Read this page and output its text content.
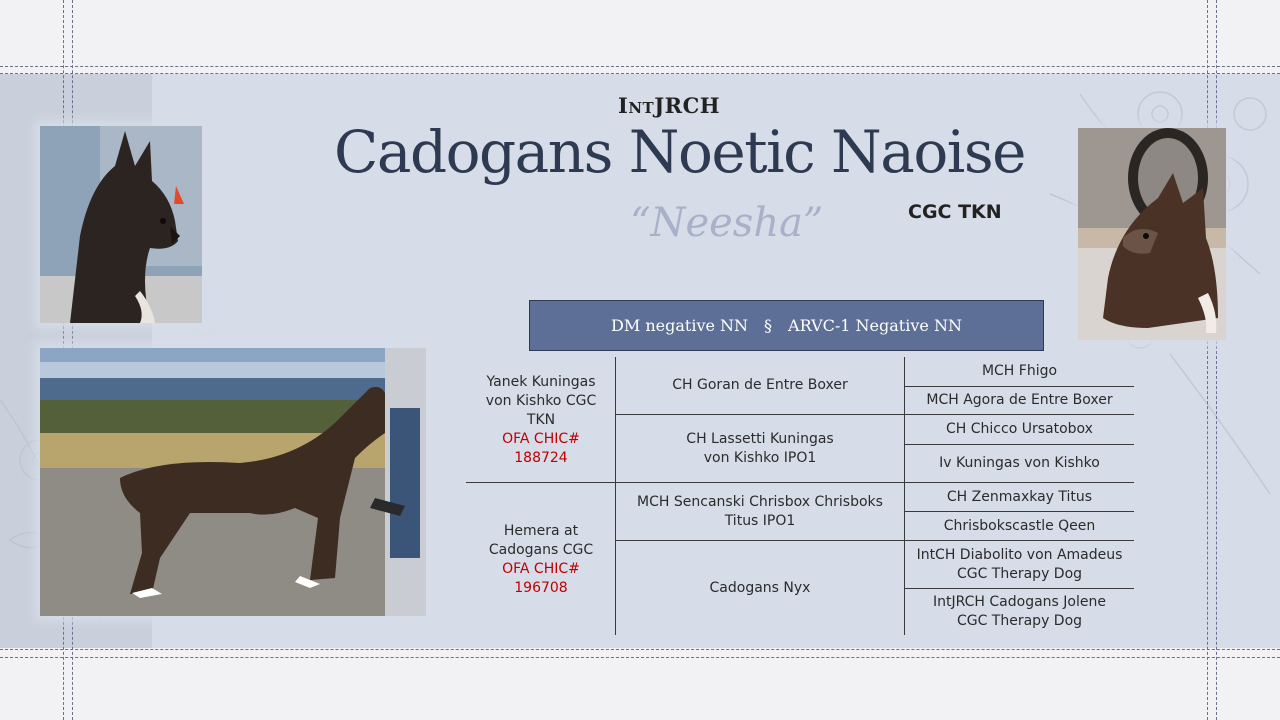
IntJRCH
Cadogans Noetic Naoise
“Neesha”	CGC TKN
DM negative NN § ARVC-1 Negative NN
Yanek Kuningas
von Kishko CGC
TKN
OFA CHIC#
188724
Hemera at
Cadogans CGC
OFA CHIC#
196708
CH Goran de Entre Boxer
CH Lassetti Kuningas
von Kishko IPO1
MCH Sencanski Chrisbox Chrisboks
Titus IPO1
Cadogans Nyx
MCH Fhigo
MCH Agora de Entre Boxer
CH Chicco Ursatobox
Iv Kuningas von Kishko
CH Zenmaxkay Titus
Chrisbokscastle Qeen
IntCH Diabolito von Amadeus
CGC Therapy Dog
IntJRCH Cadogans Jolene
CGC Therapy Dog
